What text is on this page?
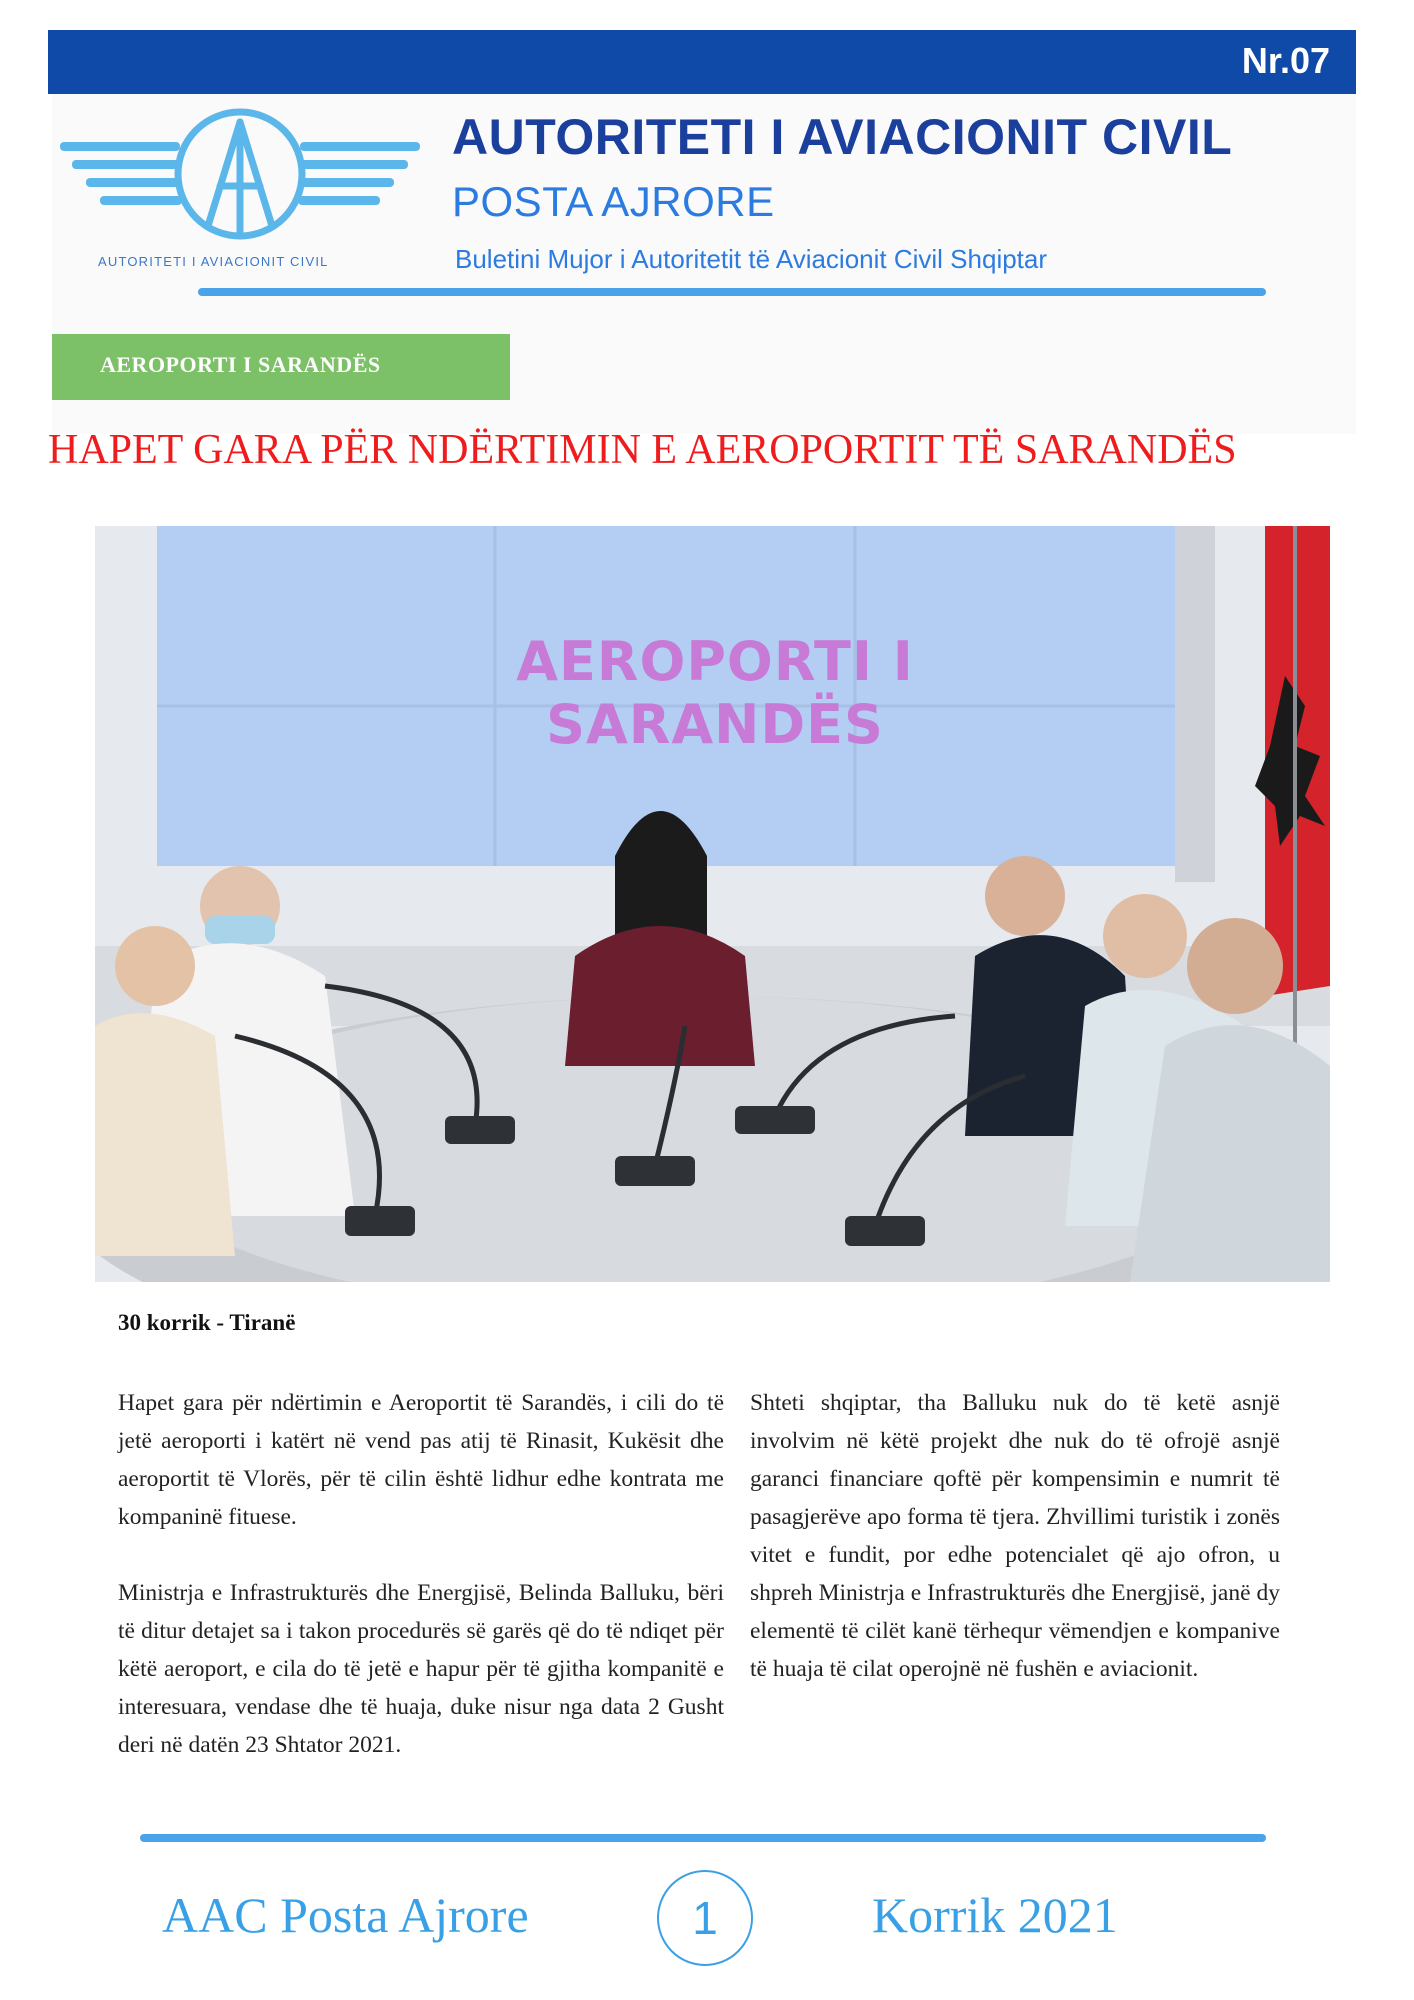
Nr.07
AUTORITETI I AVIACIONIT CIVIL
AUTORITETI I AVIACIONIT CIVIL
POSTA AJRORE
Buletini Mujor i Autoritetit të Aviacionit Civil Shqiptar
AEROPORTI I SARANDËS
HAPET GARA PËR NDËRTIMIN E AEROPORTIT TË SARANDËS
AEROPORTI I SARANDËS
30 korrik - Tiranë

Hapet gara për ndërtimin e Aeroportit të Sarandës, i cili do të jetë aeroporti i katërt në vend pas atij të Rinasit, Kukësit dhe aeroportit të Vlorës, për të cilin është lidhur edhe kontrata me kompaninë fituese.

Ministrja e Infrastrukturës dhe Energjisë, Belinda Balluku, bëri të ditur detajet sa i takon procedurës së garës që do të ndiqet për këtë aeroport, e cila do të jetë e hapur për të gjitha kompanitë e interesuara, vendase dhe të huaja, duke nisur nga data 2 Gusht deri në datën 23 Shtator 2021.

Shteti shqiptar, tha Balluku nuk do të ketë asnjë involvim në këtë projekt dhe nuk do të ofrojë asnjë garanci financiare qoftë për kompensimin e numrit të pasagjerëve apo forma të tjera. Zhvillimi turistik i zonës vitet e fundit, por edhe potencialet që ajo ofron, u shpreh Ministrja e Infrastrukturës dhe Energjisë, janë dy elementë të cilët kanë tërhequr vëmendjen e kompanive të huaja të cilat operojnë në fushën e aviacionit.

AAC Posta Ajrore	1	Korrik 2021
